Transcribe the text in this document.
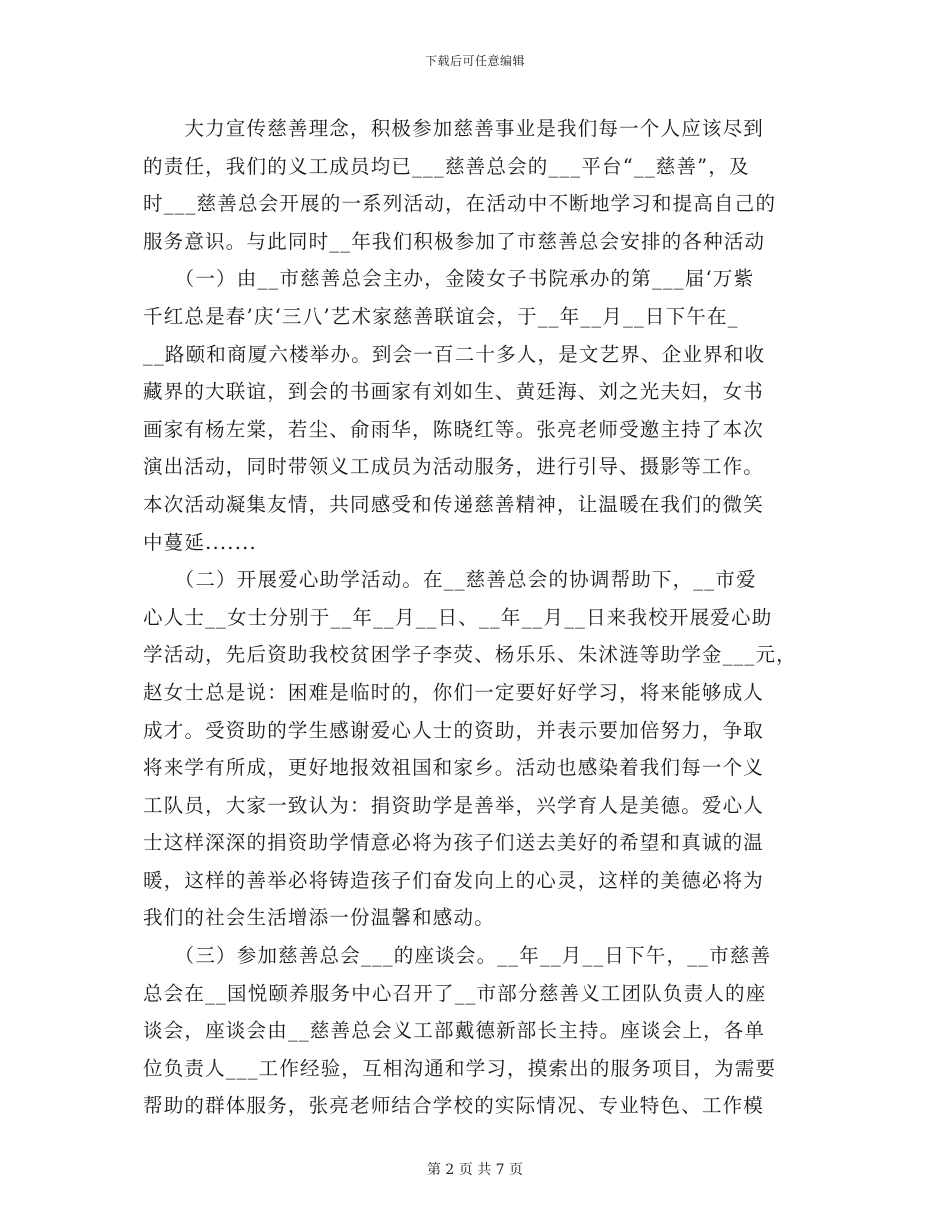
下载后可任意编辑
　　大力宣传慈善理念，积极参加慈善事业是我们每一个人应该尽到
的责任，我们的义工成员均已___慈善总会的___平台“__慈善”，及
时___慈善总会开展的一系列活动，在活动中不断地学习和提高自己的
服务意识。与此同时__年我们积极参加了市慈善总会安排的各种活动
　　（一）由__市慈善总会主办，金陵女子书院承办的第___届‘万紫
千红总是春’庆‘三八’艺术家慈善联谊会，于__年__月__日下午在_
__路颐和商厦六楼举办。到会一百二十多人，是文艺界、企业界和收
藏界的大联谊，到会的书画家有刘如生、黄廷海、刘之光夫妇，女书
画家有杨左棠，若尘、俞雨华，陈晓红等。张亮老师受邀主持了本次
演出活动，同时带领义工成员为活动服务，进行引导、摄影等工作。
本次活动凝集友情，共同感受和传递慈善精神，让温暖在我们的微笑
中蔓延.......
　　（二）开展爱心助学活动。在__慈善总会的协调帮助下，__市爱
心人士__女士分别于__年__月__日、__年__月__日来我校开展爱心助
学活动，先后资助我校贫困学子李荧、杨乐乐、朱沭涟等助学金___元，
赵女士总是说：困难是临时的，你们一定要好好学习，将来能够成人
成才。受资助的学生感谢爱心人士的资助，并表示要加倍努力，争取
将来学有所成，更好地报效祖国和家乡。活动也感染着我们每一个义
工队员，大家一致认为：捐资助学是善举，兴学育人是美德。爱心人
士这样深深的捐资助学情意必将为孩子们送去美好的希望和真诚的温
暖，这样的善举必将铸造孩子们奋发向上的心灵，这样的美德必将为
我们的社会生活增添一份温馨和感动。
　　（三）参加慈善总会___的座谈会。__年__月__日下午，__市慈善
总会在__国悦颐养服务中心召开了__市部分慈善义工团队负责人的座
谈会，座谈会由__慈善总会义工部戴德新部长主持。座谈会上，各单
位负责人___工作经验，互相沟通和学习，摸索出的服务项目，为需要
帮助的群体服务，张亮老师结合学校的实际情况、专业特色、工作模
第 2 页 共 7 页
